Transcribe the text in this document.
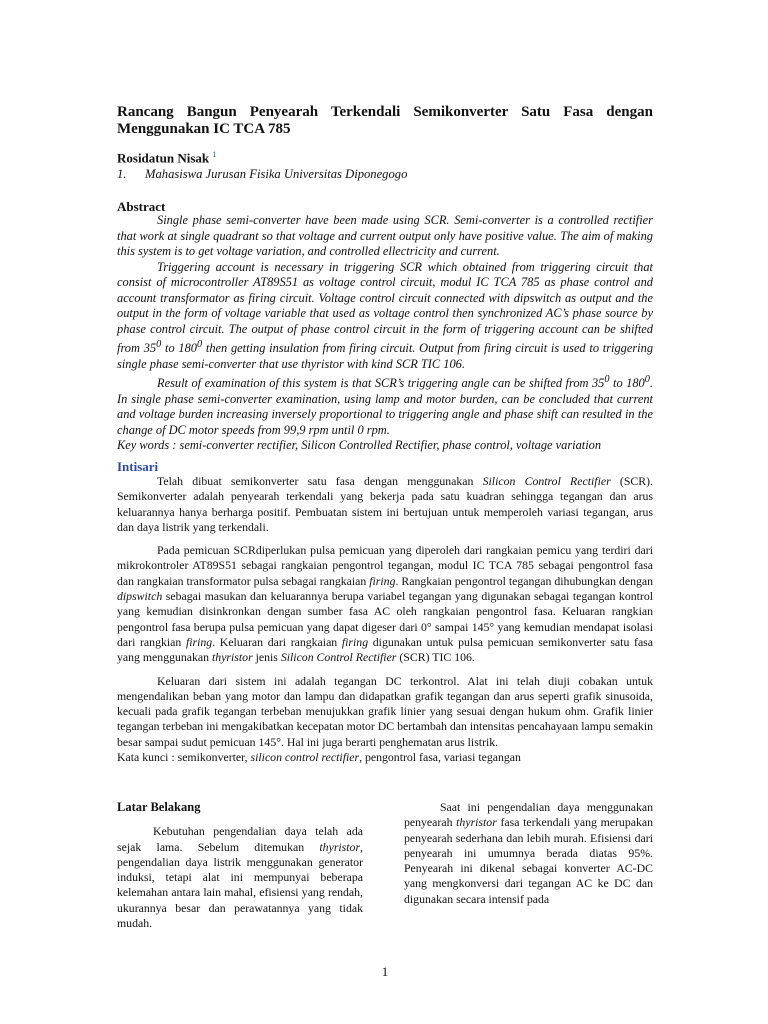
Rancang Bangun Penyearah Terkendali Semikonverter Satu Fasa dengan
Menggunakan IC TCA 785
Rosidatun Nisak $^1$
1. Mahasiswa Jurusan Fisika Universitas Diponegogo
Abstract

Single phase semi-converter have been made using SCR. Semi-converter is a controlled rectifier that work at single quadrant so that voltage and current output only have positive value. The aim of making this system is to get voltage variation, and controlled ellectricity and current.

Triggering account is necessary in triggering SCR which obtained from triggering circuit that consist of microcontroller AT89S51 as voltage control circuit, modul IC TCA 785 as phase control and account transformator as firing circuit. Voltage control circuit connected with dipswitch as output and the output in the form of voltage variable that used as voltage control then synchronized AC’s phase source by phase control circuit. The output of phase control circuit in the form of triggering account can be shifted from $35^0$ to $180^0$ then getting insulation from firing circuit. Output from firing circuit is used to triggering single phase semi-converter that use thyristor with kind SCR TIC 106.

Result of examination of this system is that SCR’s triggering angle can be shifted from $35^0$ to $180^0$. In single phase semi-converter examination, using lamp and motor burden, can be concluded that current and voltage burden increasing inversely proportional to triggering angle and phase shift can resulted in the change of DC motor speeds from 99,9 rpm until 0 rpm.

Key words : semi-converter rectifier, Silicon Controlled Rectifier, phase control, voltage variation

Intisari

Telah dibuat semikonverter satu fasa dengan menggunakan Silicon Control Rectifier (SCR). Semikonverter adalah penyearah terkendali yang bekerja pada satu kuadran sehingga tegangan dan arus keluarannya hanya berharga positif. Pembuatan sistem ini bertujuan untuk memperoleh variasi tegangan, arus dan daya listrik yang terkendali.

Pada pemicuan SCRdiperlukan pulsa pemicuan yang diperoleh dari rangkaian pemicu yang terdiri dari mikrokontroler AT89S51 sebagai rangkaian pengontrol tegangan, modul IC TCA 785 sebagai pengontrol fasa dan rangkaian transformator pulsa sebagai rangkaian firing. Rangkaian pengontrol tegangan dihubungkan dengan dipswitch sebagai masukan dan keluarannya berupa variabel tegangan yang digunakan sebagai tegangan kontrol yang kemudian disinkronkan dengan sumber fasa AC oleh rangkaian pengontrol fasa. Keluaran rangkian pengontrol fasa berupa pulsa pemicuan yang dapat digeser dari 0° sampai 145° yang kemudian mendapat isolasi dari rangkian firing. Keluaran dari rangkaian firing digunakan untuk pulsa pemicuan semikonverter satu fasa yang menggunakan thyristor jenis Silicon Control Rectifier (SCR) TIC 106.

Keluaran dari sistem ini adalah tegangan DC terkontrol. Alat ini telah diuji cobakan untuk mengendalikan beban yang motor dan lampu dan didapatkan grafik tegangan dan arus seperti grafik sinusoida, kecuali pada grafik tegangan terbeban menujukkan grafik linier yang sesuai dengan hukum ohm. Grafik linier tegangan terbeban ini mengakibatkan kecepatan motor DC bertambah dan intensitas pencahayaan lampu semakin besar sampai sudut pemicuan 145°. Hal ini juga berarti penghematan arus listrik.

Kata kunci : semikonverter, silicon control rectifier, pengontrol fasa, variasi tegangan

Latar Belakang

Kebutuhan pengendalian daya telah ada sejak lama. Sebelum ditemukan thyristor, pengendalian daya listrik menggunakan generator induksi, tetapi alat ini mempunyai beberapa kelemahan antara lain mahal, efisiensi yang rendah, ukurannya besar dan perawatannya yang tidak mudah.

Saat ini pengendalian daya menggunakan penyearah thyristor fasa terkendali yang merupakan penyearah sederhana dan lebih murah. Efisiensi dari penyearah ini umumnya berada diatas 95%. Penyearah ini dikenal sebagai konverter AC-DC yang mengkonversi dari tegangan AC ke DC dan digunakan secara intensif pada

1
